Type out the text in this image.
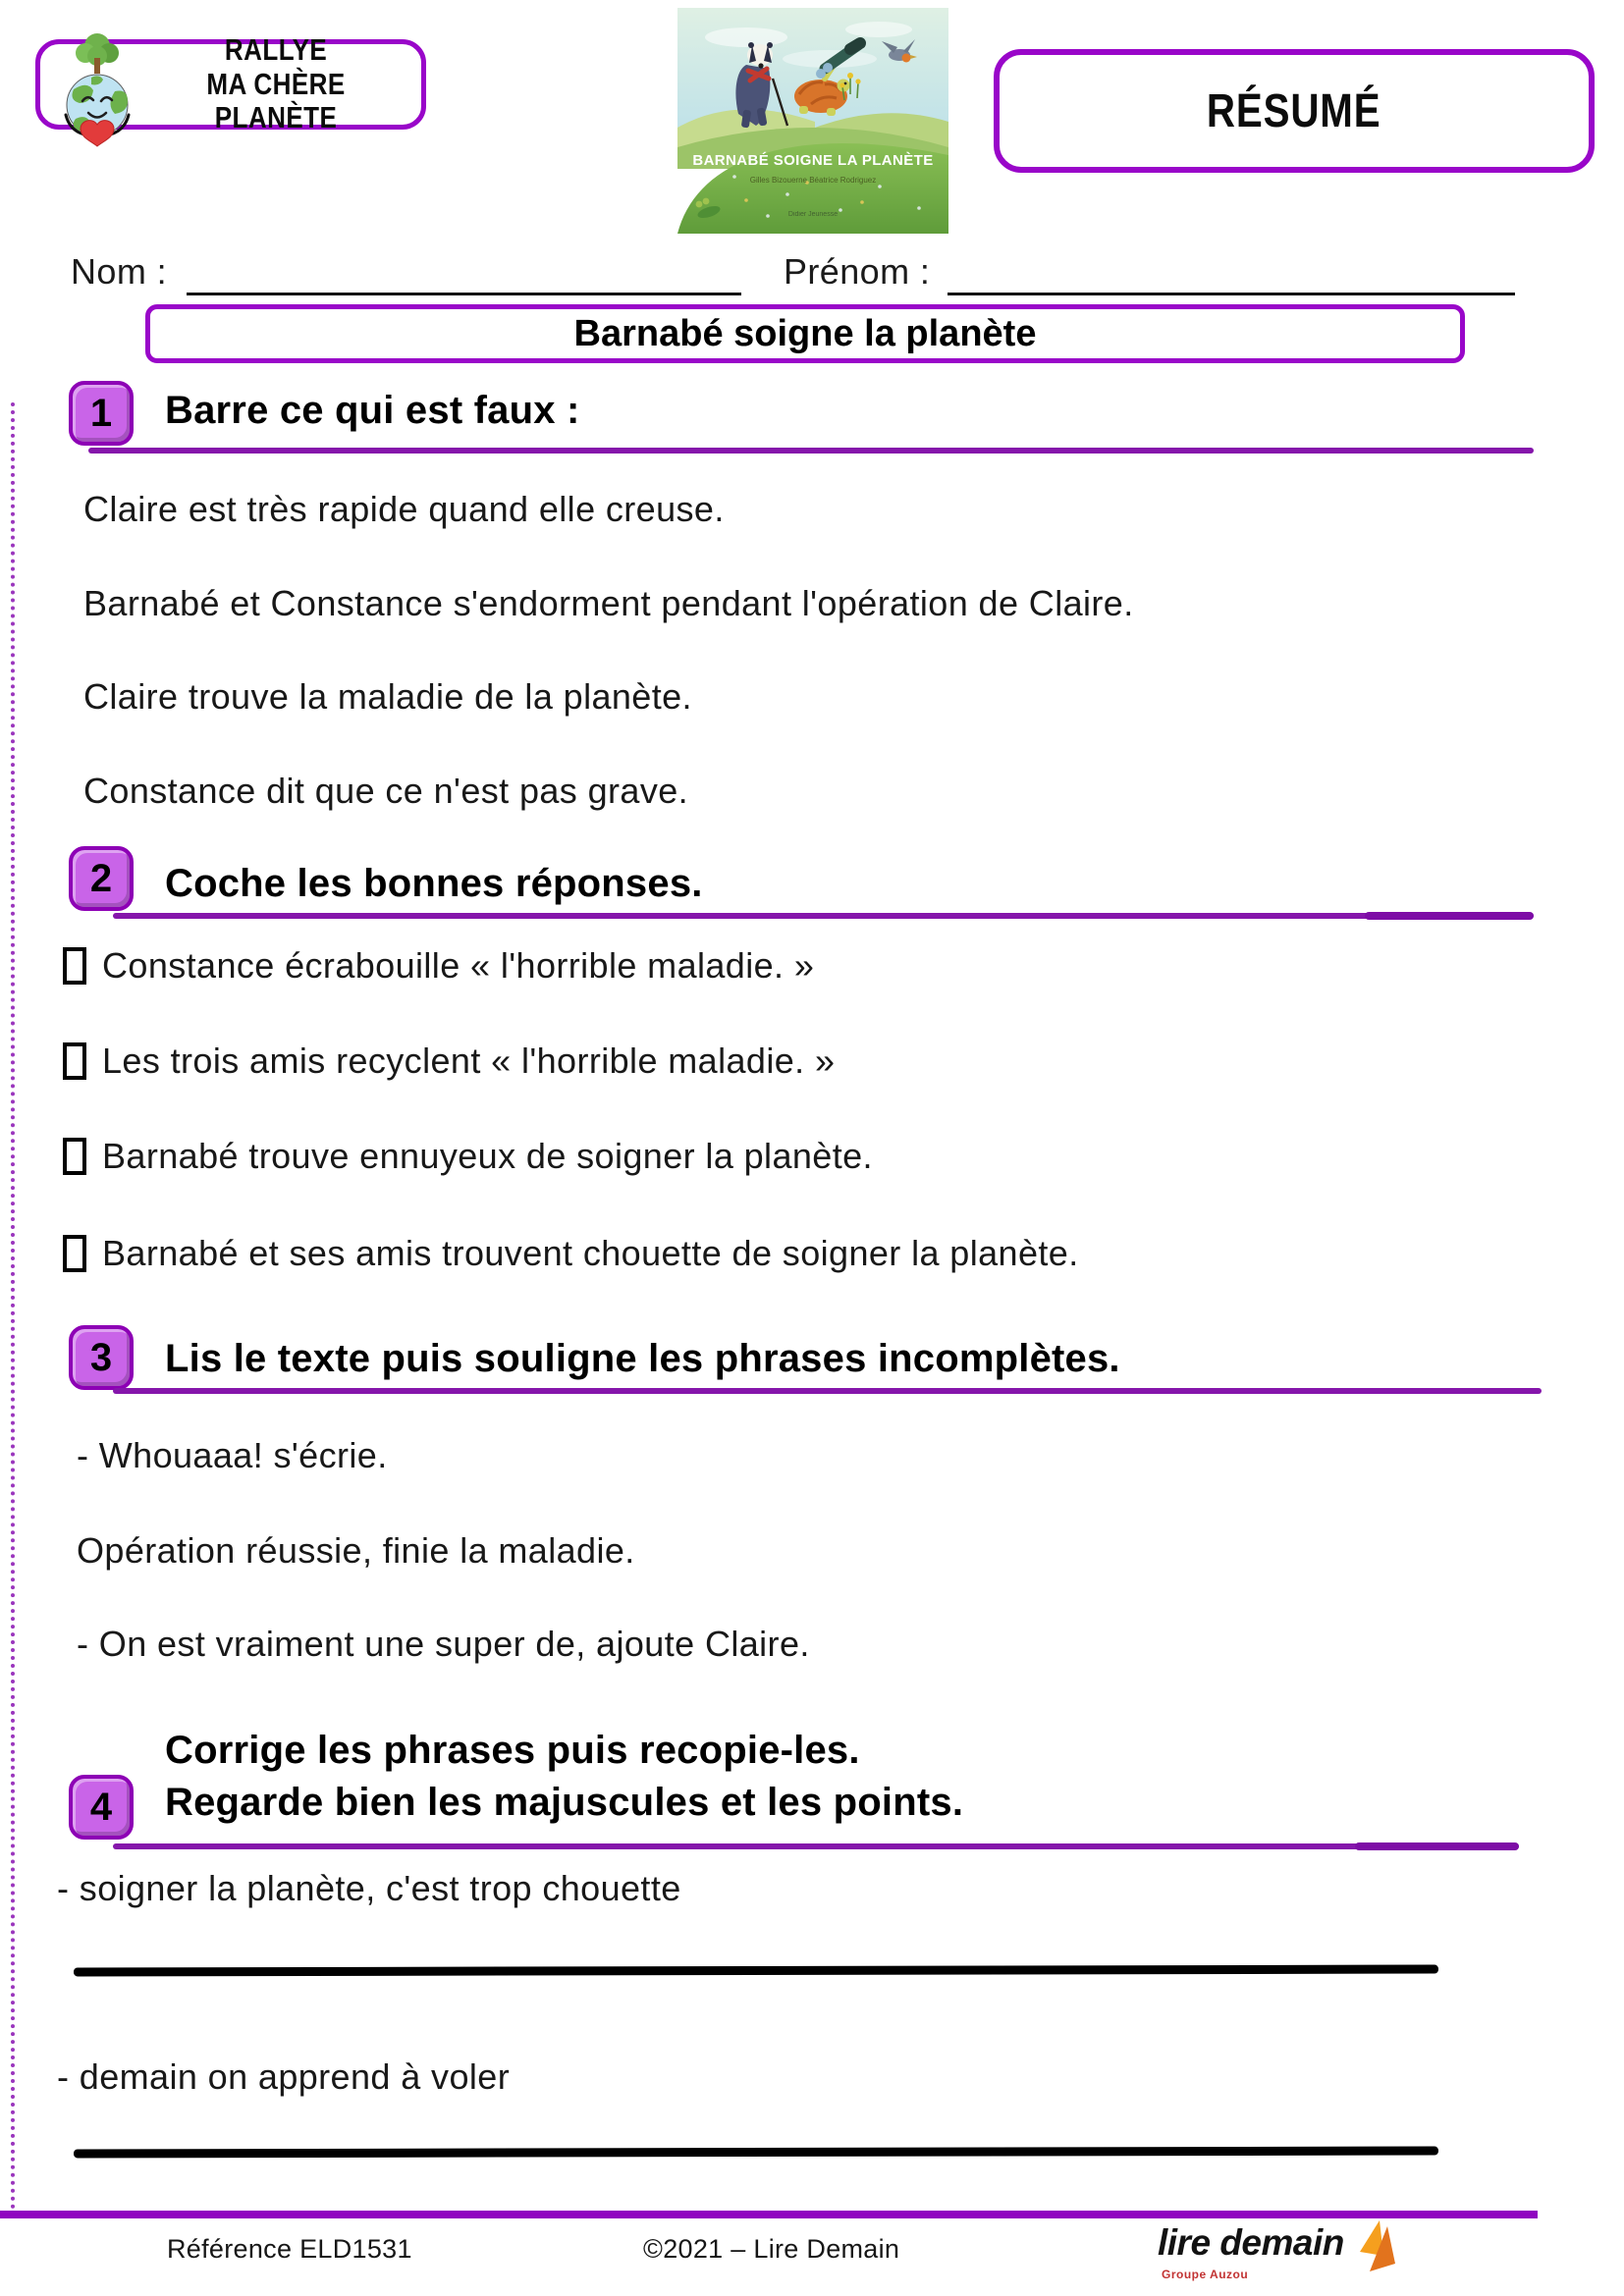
RALLYE MA CHÈRE PLANÈTE
BARNABÉ SOIGNE LA PLANÈTE
Gilles Bizouerne Béatrice Rodriguez
Didier Jeunesse
RÉSUMÉ
Nom :	Prénom :
Barnabé soigne la planète
1 Barre ce qui est faux :
Claire est très rapide quand elle creuse.
Barnabé et Constance s'endorment pendant l'opération de Claire.
Claire trouve la maladie de la planète.
Constance dit que ce n'est pas grave.
2 Coche les bonnes réponses.
Constance écrabouille « l'horrible maladie. »
Les trois amis recyclent « l'horrible maladie. »
Barnabé trouve ennuyeux de soigner la planète.
Barnabé et ses amis trouvent chouette de soigner la planète.
3 Lis le texte puis souligne les phrases incomplètes.
- Whouaaa! s'écrie.
Opération réussie, finie la maladie.
- On est vraiment une super de, ajoute Claire.
4
Corrige les phrases puis recopie-les.
Regarde bien les majuscules et les points.
- soigner la planète, c'est trop chouette
- demain on apprend à voler
Référence ELD1531	©2021 – Lire Demain	lire demain
Groupe Auzou
